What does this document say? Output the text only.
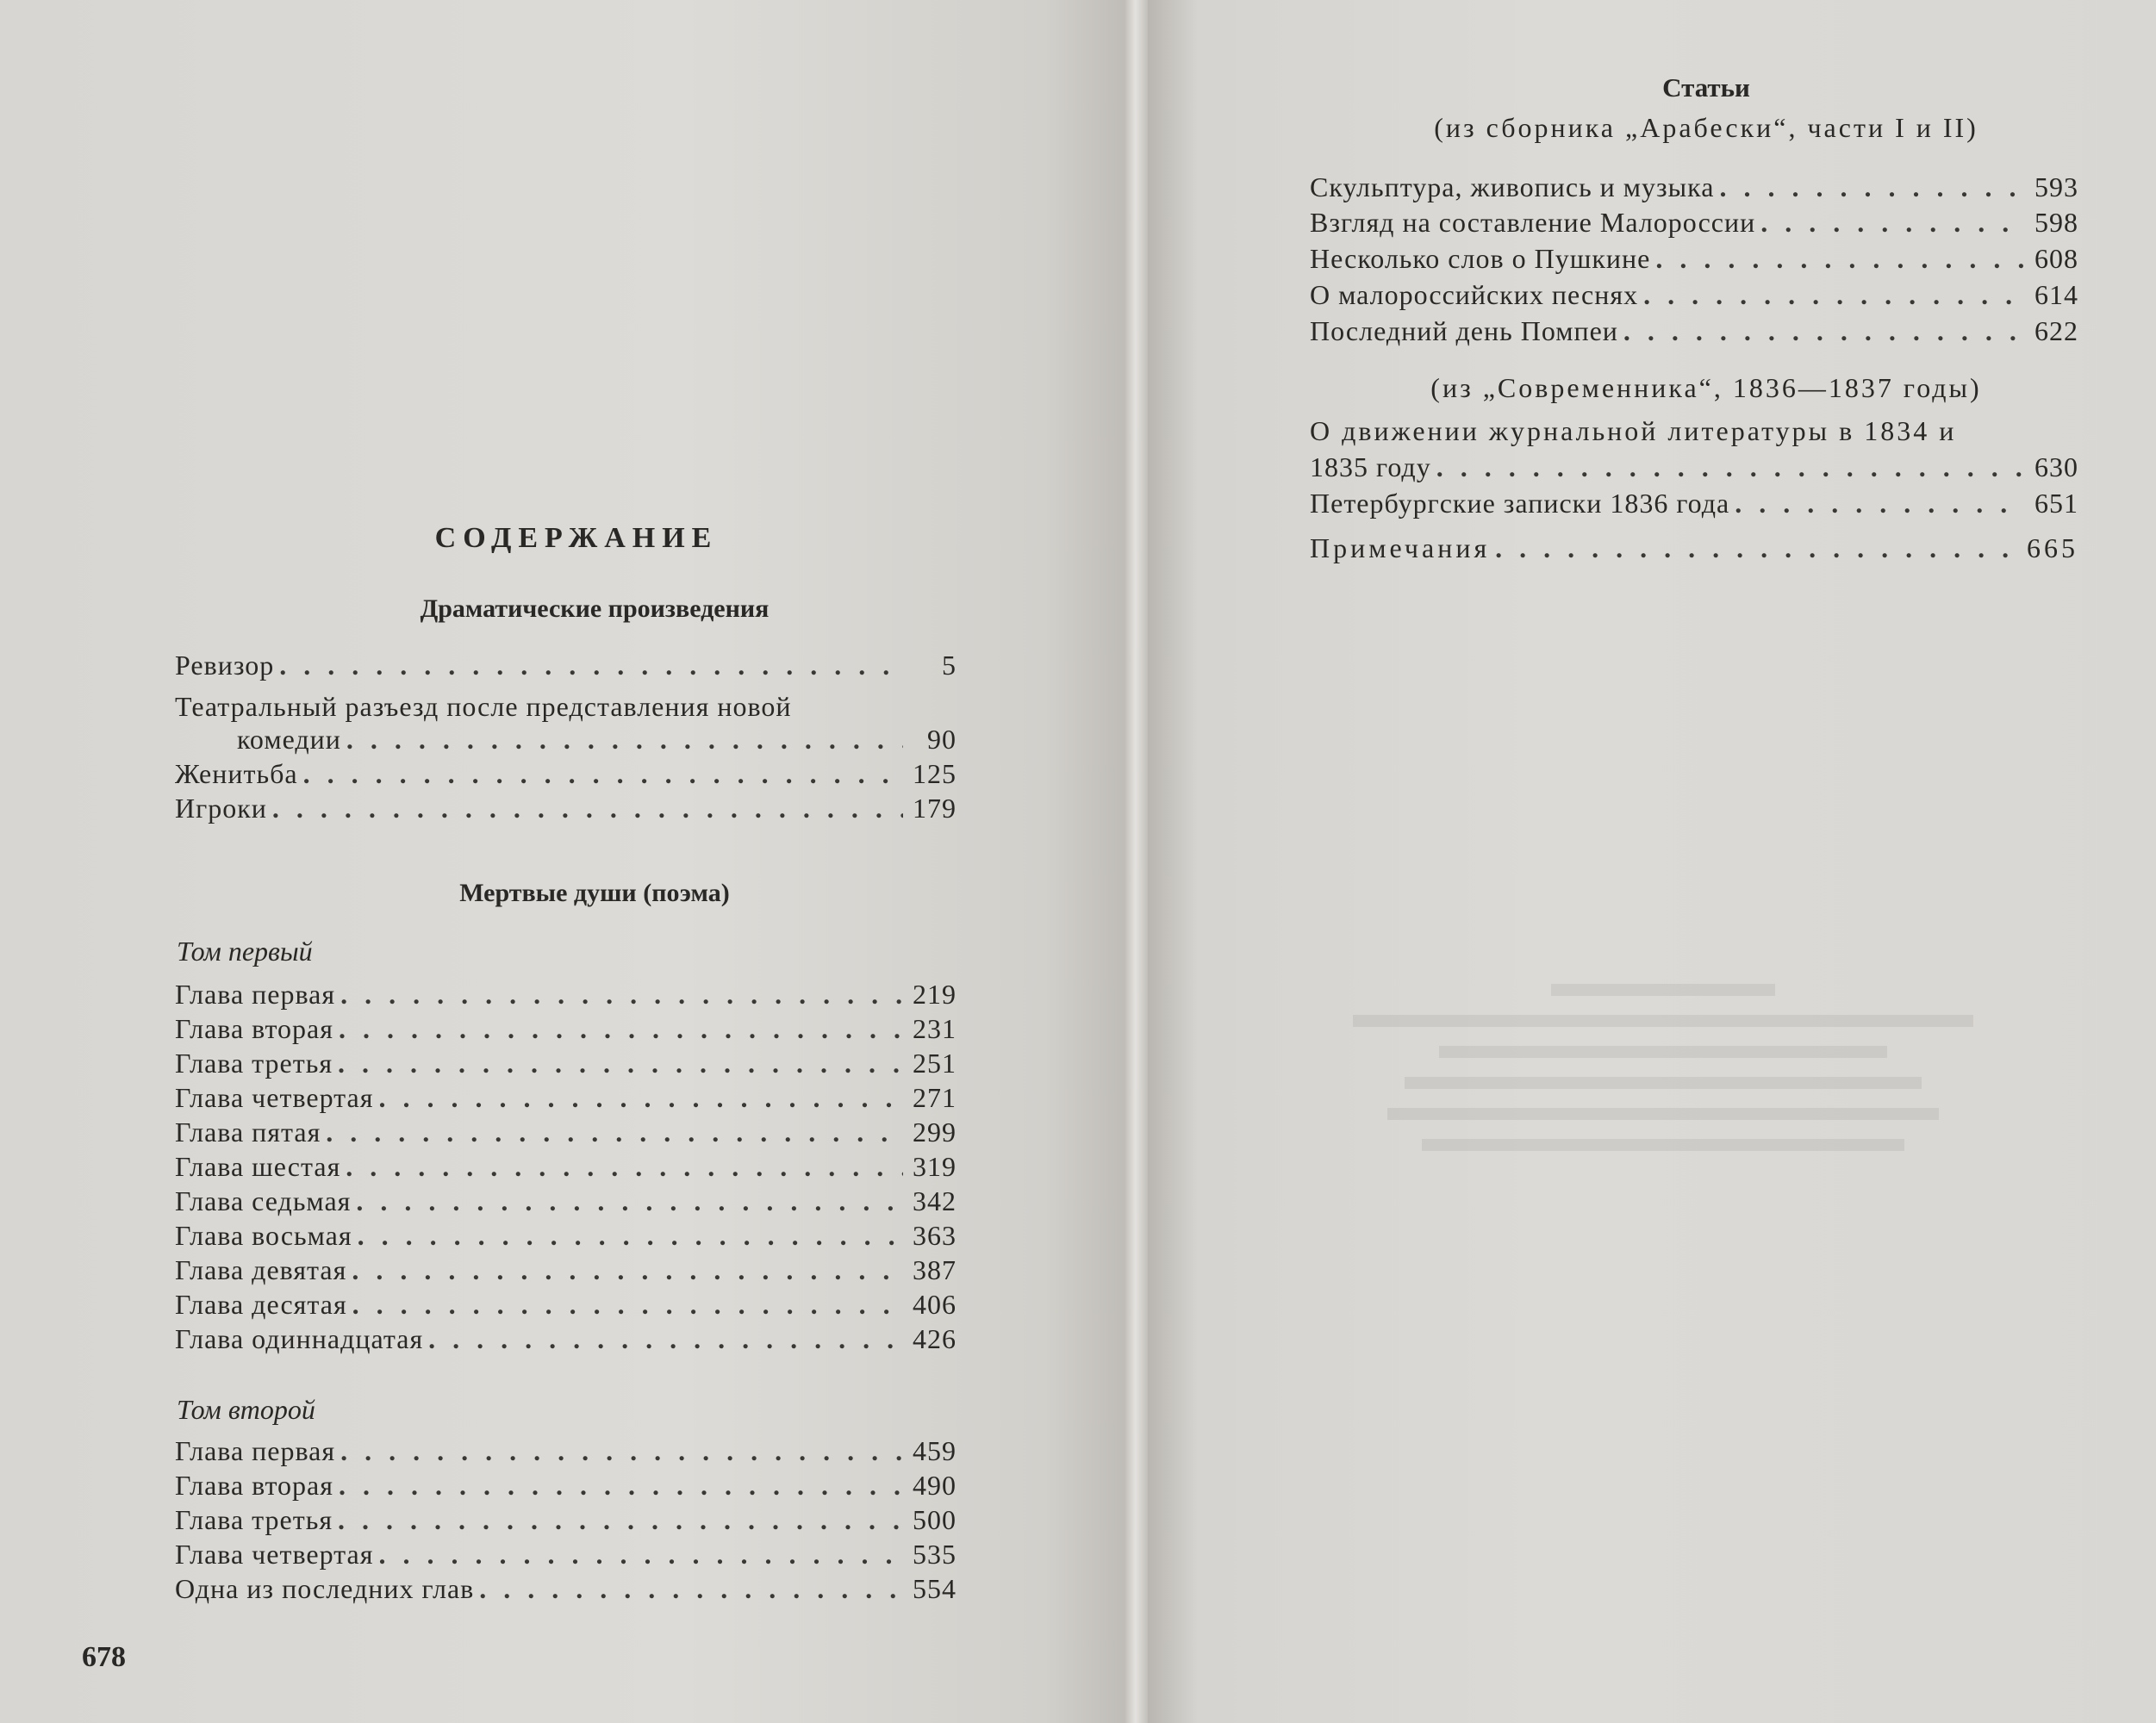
СОДЕРЖАНИЕ
Драматические произведения
Ревизор . . .	5
Театральный разъезд после представления новой
комедии . . .	90
Женитьба . . .	125
Игроки . . .	179
Мертвые души (поэма)
Том первый
Глава первая . . .	219
Глава вторая . . .	231
Глава третья . . .	251
Глава четвертая . . .	271
Глава пятая . . .	299
Глава шестая . . .	319
Глава седьмая . . .	342
Глава восьмая . . .	363
Глава девятая . . .	387
Глава десятая . . .	406
Глава одиннадцатая . . .	426
Том второй
Глава первая . . .	459
Глава вторая . . .	490
Глава третья . . .	500
Глава четвертая . . .	535
Одна из последних глав . . .	554
678
Статьи
(из сборника „Арабески“, части I и II)
Скульптура, живопись и музыка . . .	593
Взгляд на составление Малороссии . . .	598
Несколько слов о Пушкине . . .	608
О малороссийских песнях . . .	614
Последний день Помпеи . . .	622
(из „Современника“, 1836—1837 годы)
О движении журнальной литературы в 1834 и
1835 году . . .	630
Петербургские записки 1836 года . . .	651
Примечания . . .	665
